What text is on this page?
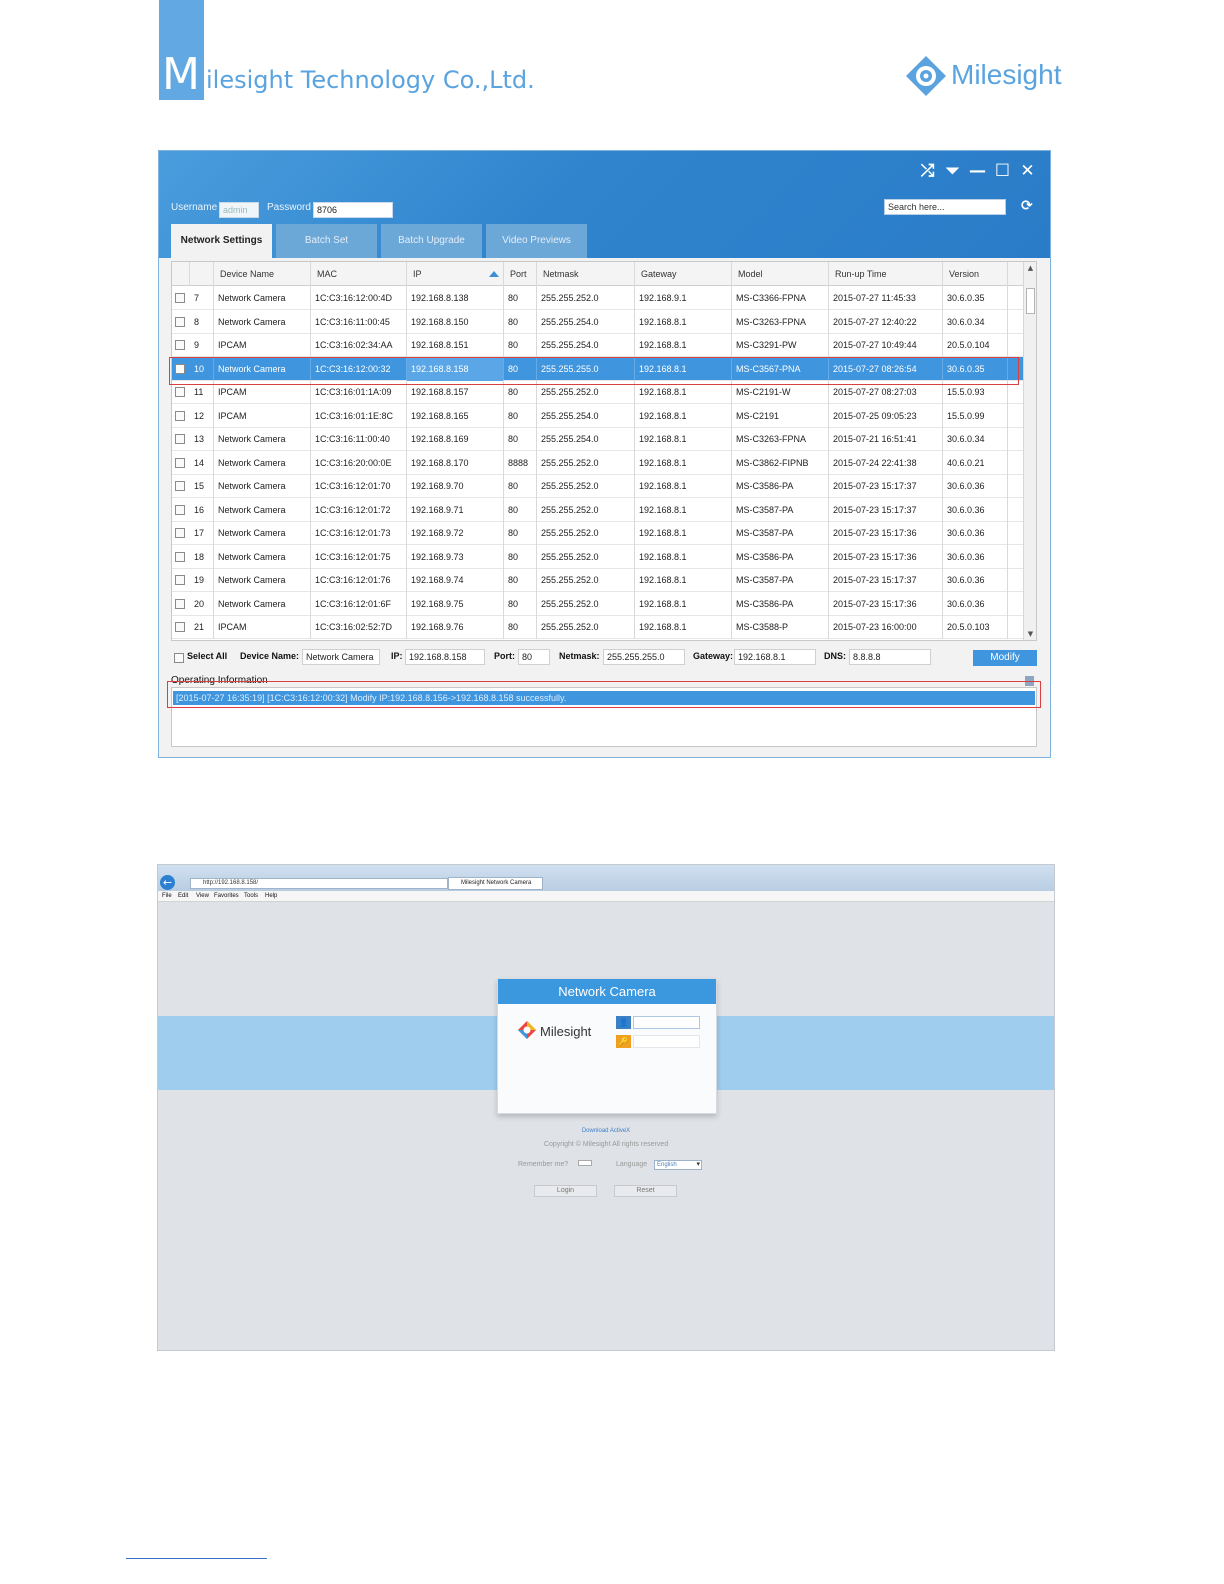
M ilesight Technology Co.,Ltd.	Milesight
⤮ ⏷ — ☐ ✕
Username admin	Password 8706	Search here...	⟳
Network Settings	Batch Set	Batch Upgrade	Video Previews
Device Name	MAC	IP	Port	Netmask	Gateway	Model	Run-up Time	Version
7	Network Camera	1C:C3:16:12:00:4D	192.168.8.138	80	255.255.252.0	192.168.9.1	MS-C3366-FPNA	2015-07-27 11:45:33	30.6.0.35
8	Network Camera	1C:C3:16:11:00:45	192.168.8.150	80	255.255.254.0	192.168.8.1	MS-C3263-FPNA	2015-07-27 12:40:22	30.6.0.34
9	IPCAM	1C:C3:16:02:34:AA	192.168.8.151	80	255.255.254.0	192.168.8.1	MS-C3291-PW	2015-07-27 10:49:44	20.5.0.104
10	Network Camera	1C:C3:16:12:00:32	192.168.8.158	80	255.255.255.0	192.168.8.1	MS-C3567-PNA	2015-07-27 08:26:54	30.6.0.35
11	IPCAM	1C:C3:16:01:1A:09	192.168.8.157	80	255.255.252.0	192.168.8.1	MS-C2191-W	2015-07-27 08:27:03	15.5.0.93
12	IPCAM	1C:C3:16:01:1E:8C	192.168.8.165	80	255.255.254.0	192.168.8.1	MS-C2191	2015-07-25 09:05:23	15.5.0.99
13	Network Camera	1C:C3:16:11:00:40	192.168.8.169	80	255.255.254.0	192.168.8.1	MS-C3263-FPNA	2015-07-21 16:51:41	30.6.0.34
14	Network Camera	1C:C3:16:20:00:0E	192.168.8.170	8888	255.255.252.0	192.168.8.1	MS-C3862-FIPNB	2015-07-24 22:41:38	40.6.0.21
15	Network Camera	1C:C3:16:12:01:70	192.168.9.70	80	255.255.252.0	192.168.8.1	MS-C3586-PA	2015-07-23 15:17:37	30.6.0.36
16	Network Camera	1C:C3:16:12:01:72	192.168.9.71	80	255.255.252.0	192.168.8.1	MS-C3587-PA	2015-07-23 15:17:37	30.6.0.36
17	Network Camera	1C:C3:16:12:01:73	192.168.9.72	80	255.255.252.0	192.168.8.1	MS-C3587-PA	2015-07-23 15:17:36	30.6.0.36
18	Network Camera	1C:C3:16:12:01:75	192.168.9.73	80	255.255.252.0	192.168.8.1	MS-C3586-PA	2015-07-23 15:17:36	30.6.0.36
19	Network Camera	1C:C3:16:12:01:76	192.168.9.74	80	255.255.252.0	192.168.8.1	MS-C3587-PA	2015-07-23 15:17:37	30.6.0.36
20	Network Camera	1C:C3:16:12:01:6F	192.168.9.75	80	255.255.252.0	192.168.8.1	MS-C3586-PA	2015-07-23 15:17:36	30.6.0.36
21	IPCAM	1C:C3:16:02:52:7D	192.168.9.76	80	255.255.252.0	192.168.8.1	MS-C3588-P	2015-07-23 16:00:00	20.5.0.103
▲
▼
Select All Device Name: Network Camera	IP: 192.168.8.158	Port: 80	Netmask: 255.255.255.0	Gateway: 192.168.8.1	DNS: 8.8.8.8	Modify
Operating Information
[2015-07-27 16:35:19] [1C:C3:16:12:00:32] Modify IP:192.168.8.156->192.168.8.158 successfully.
←	http://192.168.8.158/	Milesight Network Camera
File Edit View Favorites Tools Help
Network Camera
Milesight
👤
🔑
Remember me?	Language	English ▾
Login	Reset
Download ActiveX
Copyright © Milesight All rights reserved
